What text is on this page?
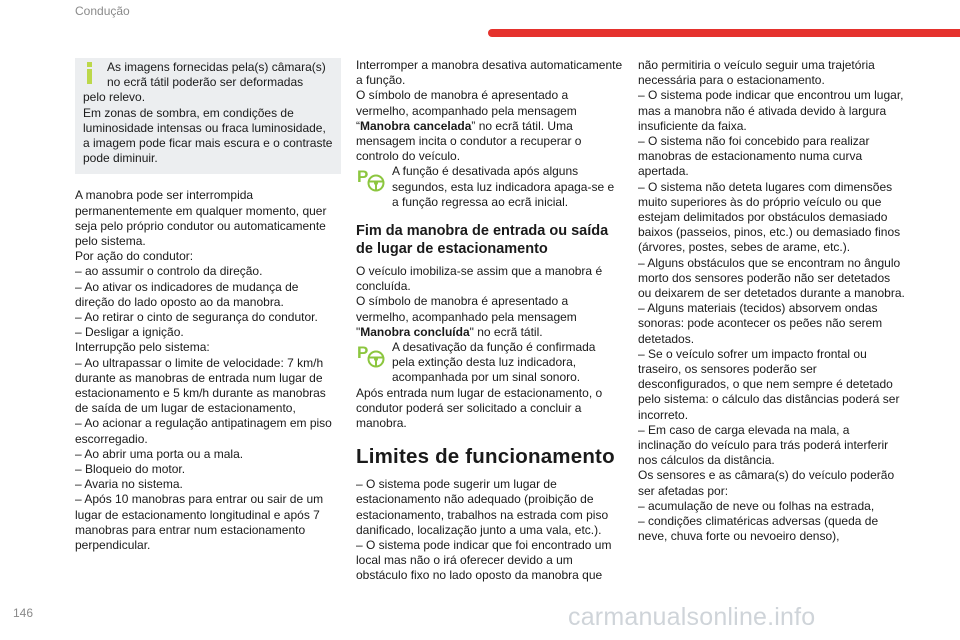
Condução

As imagens fornecidas pela(s) câmara(s)

no ecrã tátil poderão ser deformadas

pelo relevo.
Em zonas de sombra, em condições de luminosidade intensas ou fraca luminosidade, a imagem pode ficar mais escura e o contraste pode diminuir.

A manobra pode ser interrompida permanentemente em qualquer momento, quer seja pelo próprio condutor ou automaticamente pelo sistema.

Por ação do condutor:

– ao assumir o controlo da direção.

– Ao ativar os indicadores de mudança de direção do lado oposto ao da manobra.

– Ao retirar o cinto de segurança do condutor.

– Desligar a ignição.

Interrupção pelo sistema:

– Ao ultrapassar o limite de velocidade: 7 km/h durante as manobras de entrada num lugar de estacionamento e 5 km/h durante as manobras de saída de um lugar de estacionamento,

– Ao acionar a regulação antipatinagem em piso escorregadio.

– Ao abrir uma porta ou a mala.

– Bloqueio do motor.

– Avaria no sistema.

– Após 10 manobras para entrar ou sair de um lugar de estacionamento longitudinal e após 7 manobras para entrar num estacionamento perpendicular.

Interromper a manobra desativa automaticamente a função.

O símbolo de manobra é apresentado a vermelho, acompanhado pela mensagem “Manobra cancelada” no ecrã tátil. Uma mensagem incita o condutor a recuperar o controlo do veículo.

P A função é desativada após alguns

segundos, esta luz indicadora apaga-se e

a função regressa ao ecrã inicial.

Fim da manobra de entrada ou saída de lugar de estacionamento

O veículo imobiliza-se assim que a manobra é concluída.

O símbolo de manobra é apresentado a vermelho, acompanhado pela mensagem "Manobra concluída" no ecrã tátil.

P A desativação da função é confirmada

pela extinção desta luz indicadora,

acompanhada por um sinal sonoro.

Após entrada num lugar de estacionamento, o condutor poderá ser solicitado a concluir a manobra.

Limites de funcionamento

– O sistema pode sugerir um lugar de estacionamento não adequado (proibição de estacionamento, trabalhos na estrada com piso danificado, localização junto a uma vala, etc.).

– O sistema pode indicar que foi encontrado um local mas não o irá oferecer devido a um obstáculo fixo no lado oposto da manobra que

não permitiria o veículo seguir uma trajetória necessária para o estacionamento.

– O sistema pode indicar que encontrou um lugar, mas a manobra não é ativada devido à largura insuficiente da faixa.

– O sistema não foi concebido para realizar manobras de estacionamento numa curva apertada.

– O sistema não deteta lugares com dimensões muito superiores às do próprio veículo ou que estejam delimitados por obstáculos demasiado baixos (passeios, pinos, etc.) ou demasiado finos (árvores, postes, sebes de arame, etc.).

– Alguns obstáculos que se encontram no ângulo morto dos sensores poderão não ser detetados ou deixarem de ser detetados durante a manobra.

– Alguns materiais (tecidos) absorvem ondas sonoras: pode acontecer os peões não serem detetados.

– Se o veículo sofrer um impacto frontal ou traseiro, os sensores poderão ser desconfigurados, o que nem sempre é detetado pelo sistema: o cálculo das distâncias poderá ser incorreto.

– Em caso de carga elevada na mala, a inclinação do veículo para trás poderá interferir nos cálculos da distância.

Os sensores e as câmara(s) do veículo poderão ser afetadas por:

– acumulação de neve ou folhas na estrada,

– condições climatéricas adversas (queda de neve, chuva forte ou nevoeiro denso),

146	carmanualsonline.info
